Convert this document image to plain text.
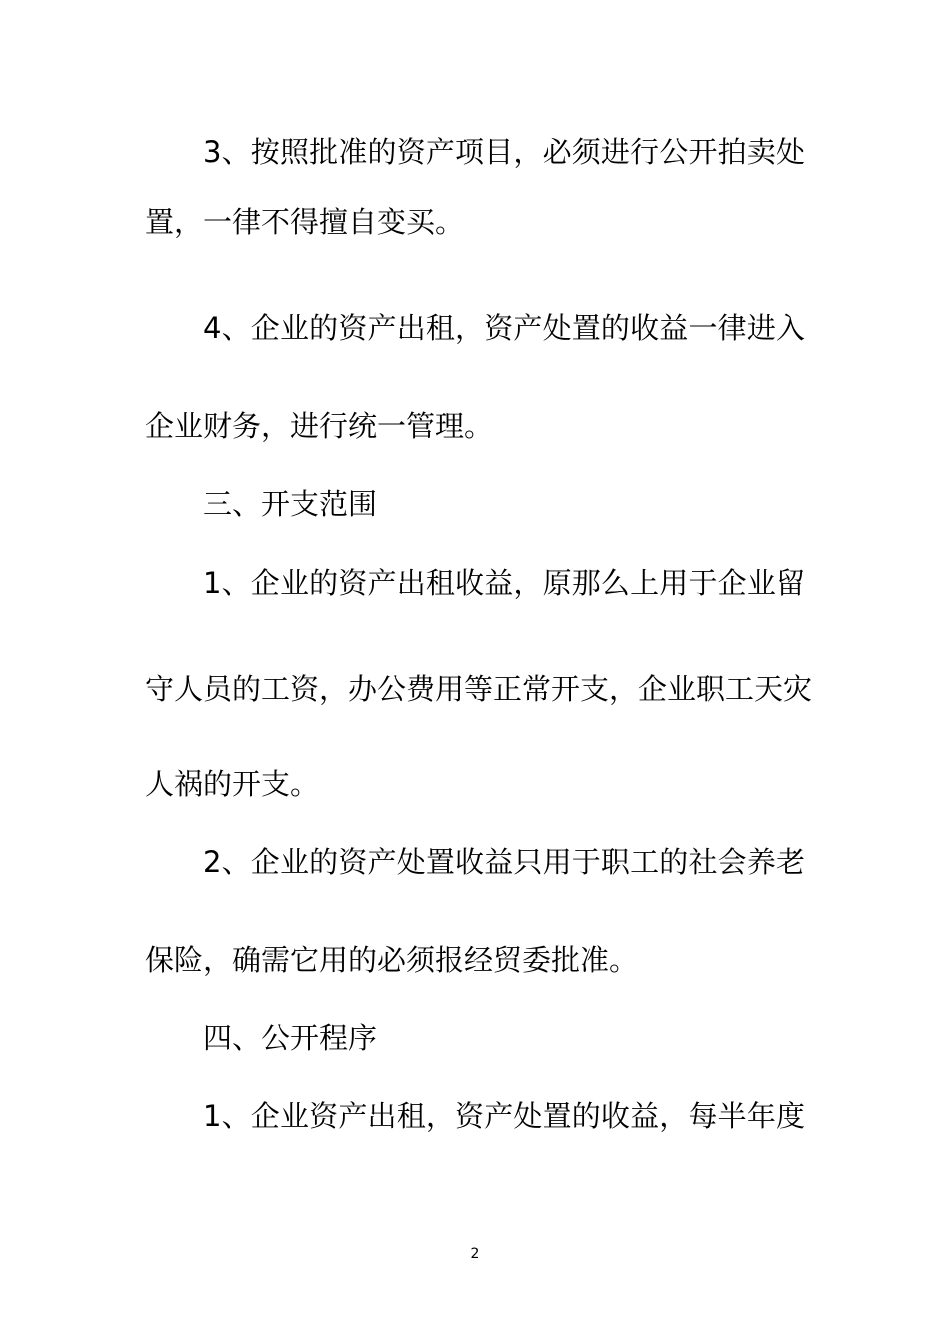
3、按照批准的资产项目，必须进行公开拍卖处
置，一律不得擅自变买。
4、企业的资产出租，资产处置的收益一律进入
企业财务，进行统一管理。
三、开支范围
1、企业的资产出租收益，原那么上用于企业留
守人员的工资，办公费用等正常开支，企业职工天灾
人祸的开支。
2、企业的资产处置收益只用于职工的社会养老
保险，确需它用的必须报经贸委批准。
四、公开程序
1、企业资产出租，资产处置的收益，每半年度
2
